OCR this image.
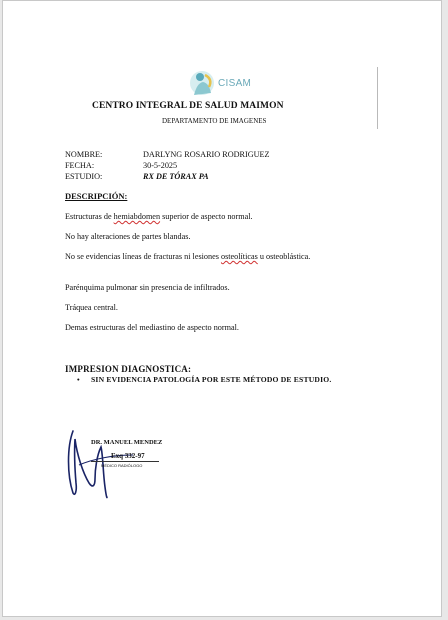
CISAM
CENTRO INTEGRAL DE SALUD MAIMON
DEPARTAMENTO DE IMAGENES
NOMBRE:	DARLYNG ROSARIO RODRIGUEZ
FECHA:	30-5-2025
ESTUDIO:	RX DE TÓRAX PA
DESCRIPCIÓN:
Estructuras de hemiabdomen superior de aspecto normal.
No hay alteraciones de partes blandas.
No se evidencias líneas de fracturas ni lesiones osteolíticas u osteoblástica.
Parénquima pulmonar sin presencia de infiltrados.
Tráquea central.
Demas estructuras del mediastino de aspecto normal.
IMPRESION DIAGNOSTICA:
•	SIN EVIDENCIA PATOLOGÍA POR ESTE MÉTODO DE ESTUDIO.
DR. MANUEL MENDEZ
Exq 332-97
MÉDICO RADIÓLOGO
